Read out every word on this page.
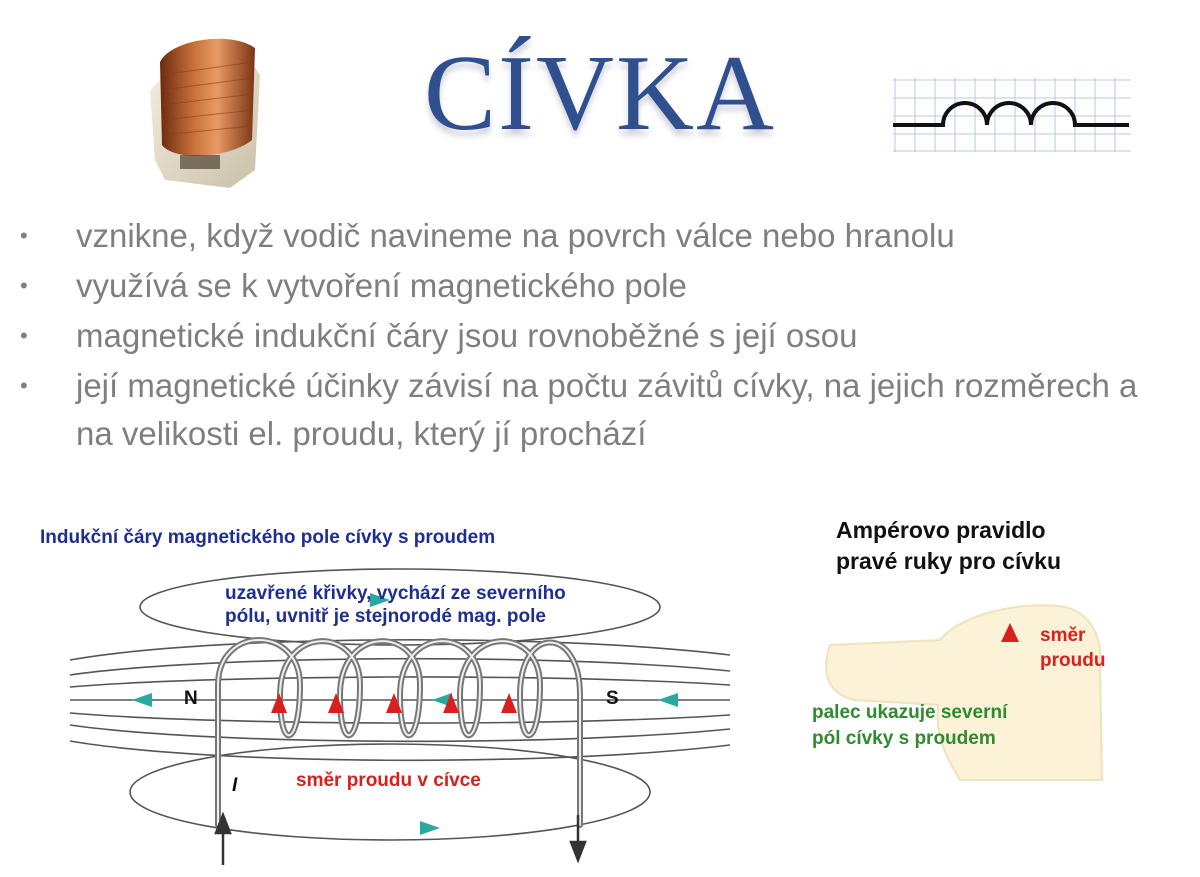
CÍVKA
•	vznikne, když vodič navineme na povrch válce nebo hranolu
•	využívá se k vytvoření magnetického pole
•	magnetické indukční čáry jsou rovnoběžné s její osou
•	její magnetické účinky závisí na počtu závitů cívky, na jejich rozměrech a na velikosti el. proudu, který jí prochází
Indukční čáry magnetického pole cívky s proudem
uzavřené křivky, vychází ze severního
pólu, uvnitř je stejnorodé mag. pole
N	S
I	směr proudu v cívce
Ampérovo pravidlo
pravé ruky pro cívku
směr
proudu
palec ukazuje severní
pól cívky s proudem
